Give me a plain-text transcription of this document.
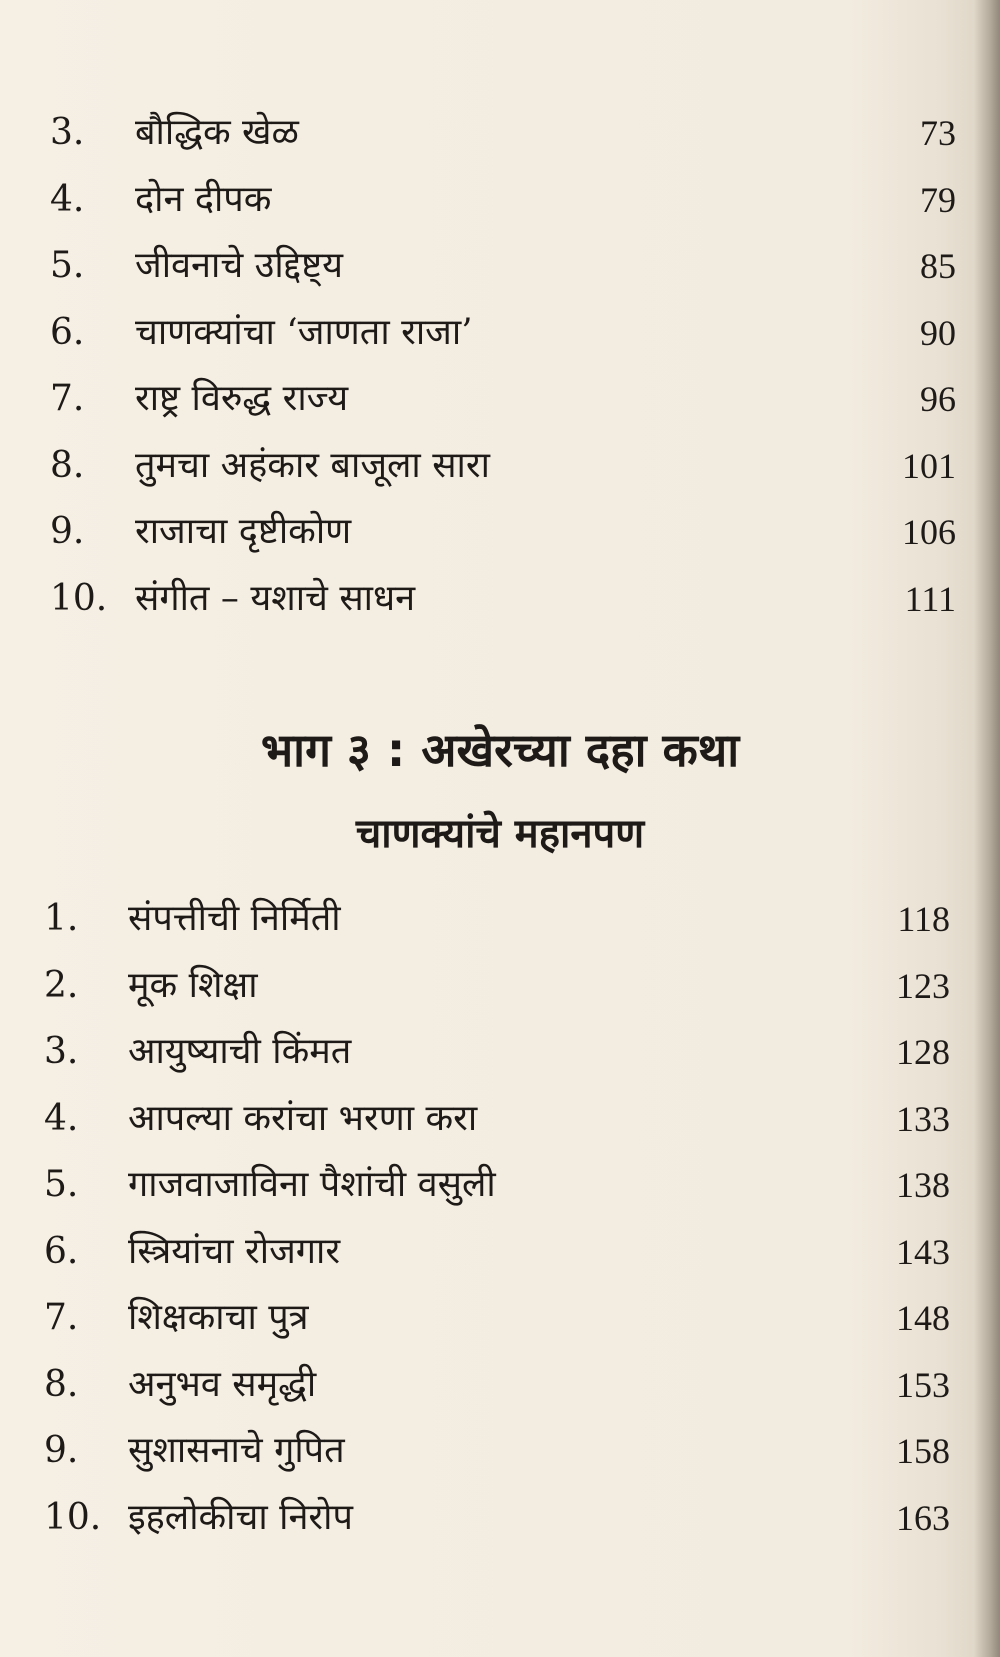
3. बौद्धिक खेळ	73
4. दोन दीपक	79
5. जीवनाचे उद्दिष्ट्य	85
6. चाणक्यांचा ‘जाणता राजा’	90
7. राष्ट्र विरुद्ध राज्य	96
8. तुमचा अहंकार बाजूला सारा	101
9. राजाचा दृष्टीकोण	106
10. संगीत – यशाचे साधन	111
भाग ३ : अखेरच्या दहा कथा
चाणक्यांचे महानपण
1. संपत्तीची निर्मिती	118
2. मूक शिक्षा	123
3. आयुष्याची किंमत	128
4. आपल्या करांचा भरणा करा	133
5. गाजवाजाविना पैशांची वसुली	138
6. स्त्रियांचा रोजगार	143
7. शिक्षकाचा पुत्र	148
8. अनुभव समृद्धी	153
9. सुशासनाचे गुपित	158
10. इहलोकीचा निरोप	163
